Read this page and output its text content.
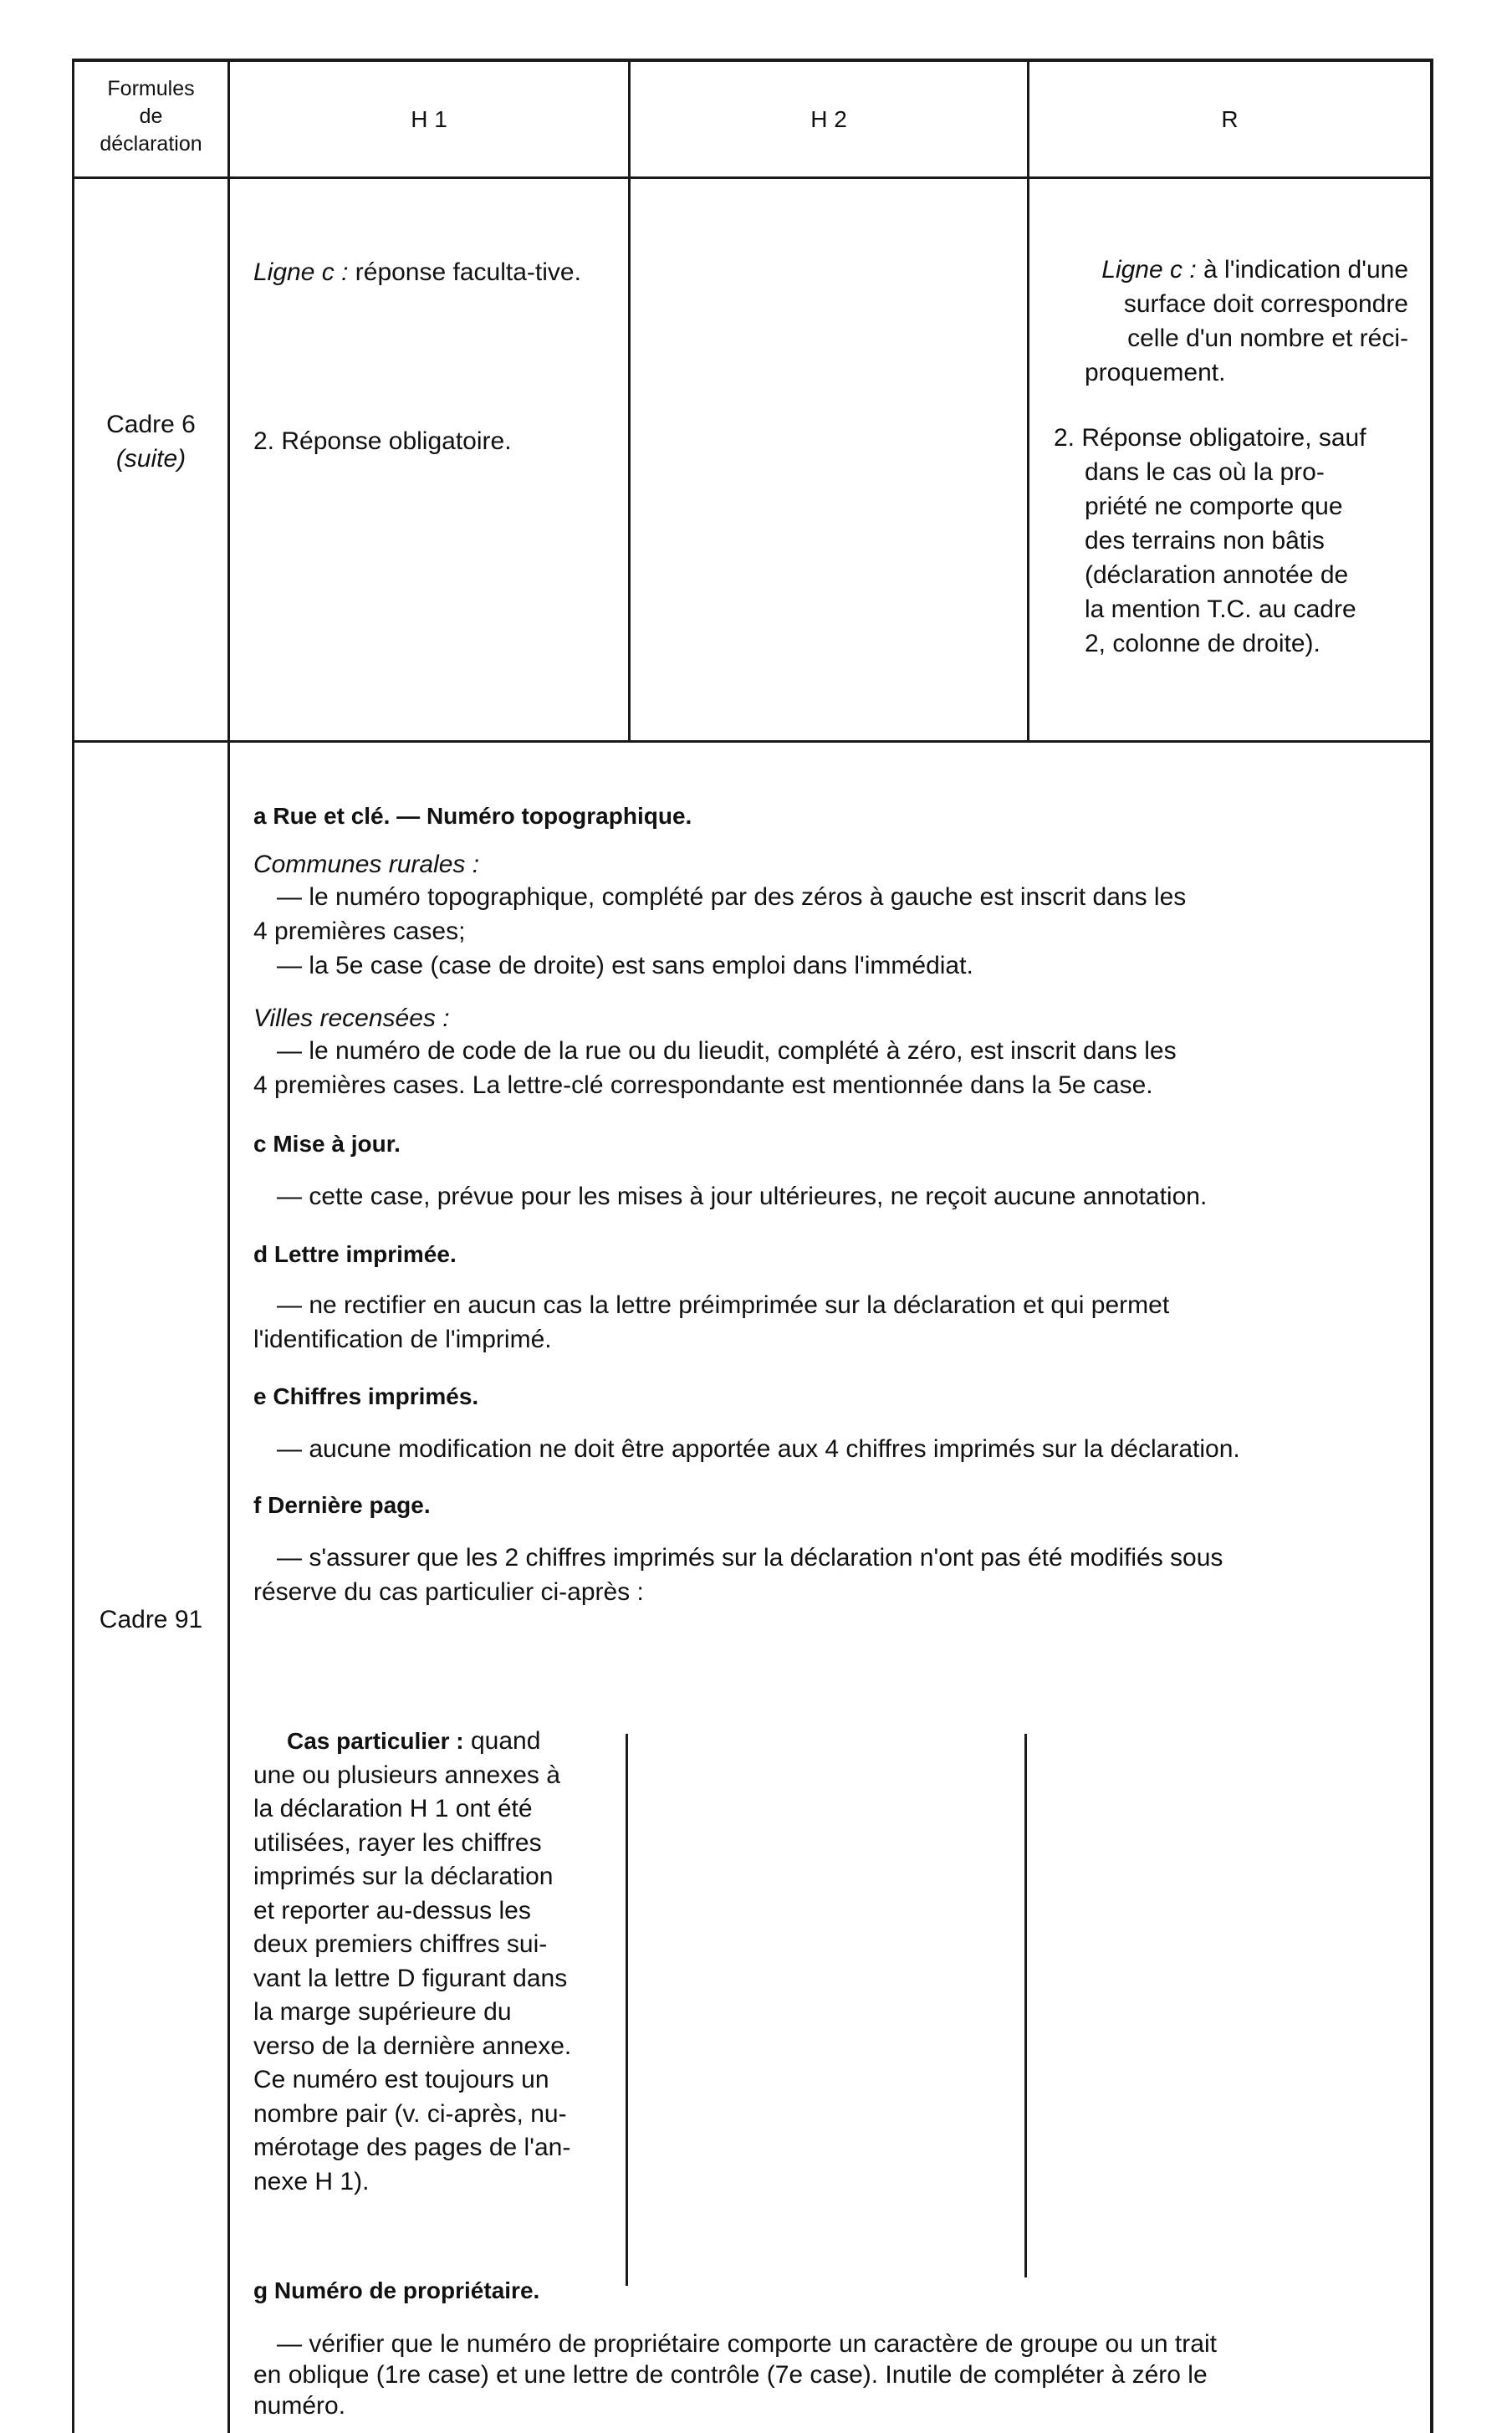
Formules
de
déclaration
H 1	H 2	R
Cadre 6
(suite)
Ligne c : réponse faculta-tive.
2. Réponse obligatoire.
Ligne c : à l'indication d'une
surface doit correspondre
celle d'un nombre et réci-
proquement.
2. Réponse obligatoire, sauf
dans le cas où la pro-
priété ne comporte que
des terrains non bâtis
(déclaration annotée de
la mention T.C. au cadre
2, colonne de droite).
Cadre 91
a Rue et clé. — Numéro topographique.
Communes rurales :
— le numéro topographique, complété par des zéros à gauche est inscrit dans les
4 premières cases;
— la 5e case (case de droite) est sans emploi dans l'immédiat.
Villes recensées :
— le numéro de code de la rue ou du lieudit, complété à zéro, est inscrit dans les
4 premières cases. La lettre-clé correspondante est mentionnée dans la 5e case.
c Mise à jour.
— cette case, prévue pour les mises à jour ultérieures, ne reçoit aucune annotation.
d Lettre imprimée.
— ne rectifier en aucun cas la lettre préimprimée sur la déclaration et qui permet
l'identification de l'imprimé.
e Chiffres imprimés.
— aucune modification ne doit être apportée aux 4 chiffres imprimés sur la déclaration.
f Dernière page.
— s'assurer que les 2 chiffres imprimés sur la déclaration n'ont pas été modifiés sous
réserve du cas particulier ci-après :
Cas particulier : quand
une ou plusieurs annexes à
la déclaration H 1 ont été
utilisées, rayer les chiffres
imprimés sur la déclaration
et reporter au-dessus les
deux premiers chiffres sui-
vant la lettre D figurant dans
la marge supérieure du
verso de la dernière annexe.
Ce numéro est toujours un
nombre pair (v. ci-après, nu-
mérotage des pages de l'an-
nexe H 1).
g Numéro de propriétaire.
— vérifier que le numéro de propriétaire comporte un caractère de groupe ou un trait
en oblique (1re case) et une lettre de contrôle (7e case). Inutile de compléter à zéro le
numéro.
